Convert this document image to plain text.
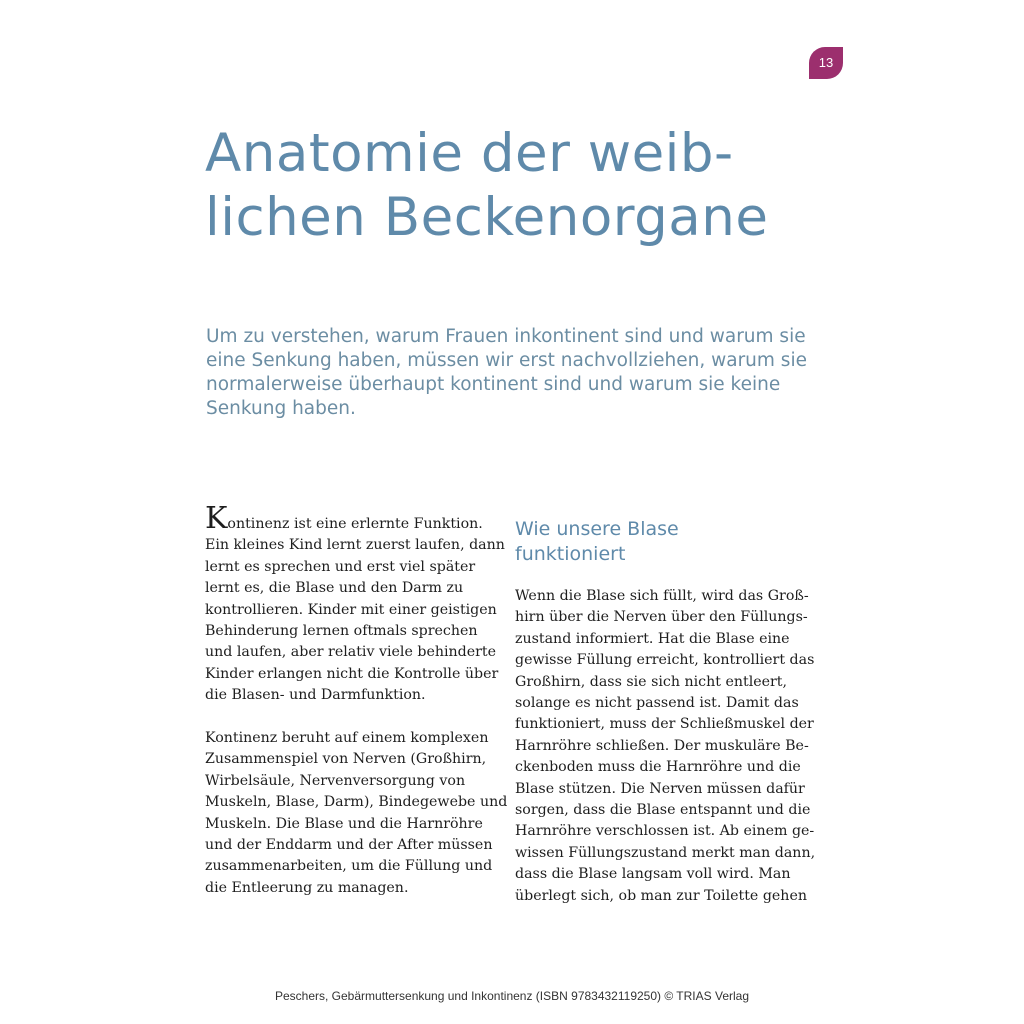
13
Anatomie der weib-
lichen Beckenorgane
Um zu verstehen, warum Frauen inkontinent sind und warum sie
eine Senkung haben, müssen wir erst nachvollziehen, warum sie
normalerweise überhaupt kontinent sind und warum sie keine
Senkung haben.

Kontinenz ist eine erlernte Funktion.
Ein kleines Kind lernt zuerst laufen, dann
lernt es sprechen und erst viel später
lernt es, die Blase und den Darm zu
kontrollieren. Kinder mit einer geistigen
Behinderung lernen oftmals sprechen
und laufen, aber relativ viele behinderte
Kinder erlangen nicht die Kontrolle über
die Blasen- und Darmfunktion.

Kontinenz beruht auf einem komplexen
Zusammenspiel von Nerven (Großhirn,
Wirbelsäule, Nervenversorgung von
Muskeln, Blase, Darm), Bindegewebe und
Muskeln. Die Blase und die Harnröhre
und der Enddarm und der After müssen
zusammenarbeiten, um die Füllung und
die Entleerung zu managen.

Wie unsere Blase
funktioniert

Wenn die Blase sich füllt, wird das Groß-
hirn über die Nerven über den Füllungs-
zustand informiert. Hat die Blase eine
gewisse Füllung erreicht, kontrolliert das
Großhirn, dass sie sich nicht entleert,
solange es nicht passend ist. Damit das
funktioniert, muss der Schließmuskel der
Harnröhre schließen. Der muskuläre Be-
ckenboden muss die Harnröhre und die
Blase stützen. Die Nerven müssen dafür
sorgen, dass die Blase entspannt und die
Harnröhre verschlossen ist. Ab einem ge-
wissen Füllungszustand merkt man dann,
dass die Blase langsam voll wird. Man
überlegt sich, ob man zur Toilette gehen

Peschers, Gebärmuttersenkung und Inkontinenz (ISBN 9783432119250) © TRIAS Verlag
